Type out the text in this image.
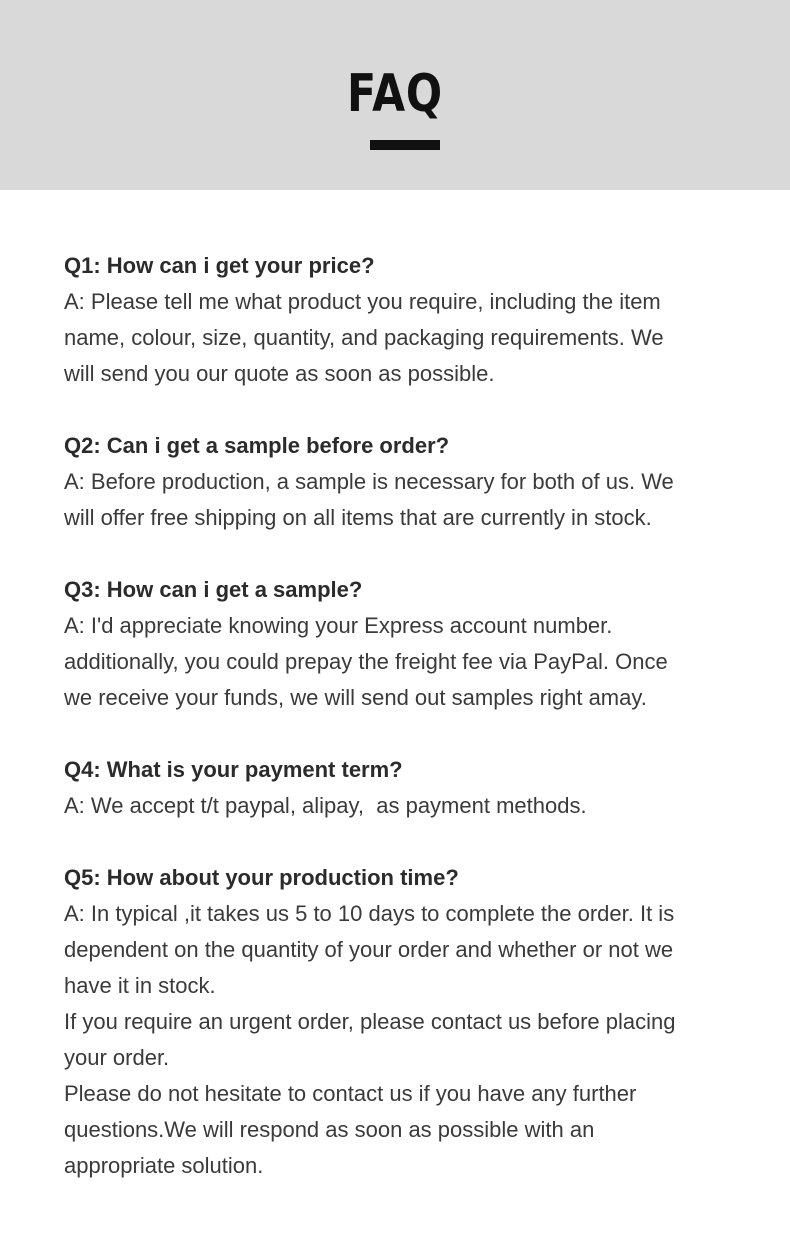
FAQ

Q1: How can i get your price?

A: Please tell me what product you require, including the item
name, colour, size, quantity, and packaging requirements. We
will send you our quote as soon as possible.

Q2: Can i get a sample before order?

A: Before production, a sample is necessary for both of us. We
will offer free shipping on all items that are currently in stock.

Q3: How can i get a sample?

A: I'd appreciate knowing your Express account number.
additionally, you could prepay the freight fee via PayPal. Once
we receive your funds, we will send out samples right amay.

Q4: What is your payment term?

A: We accept t/t paypal, alipay,  as payment methods.

Q5: How about your production time?

A: In typical ,it takes us 5 to 10 days to complete the order. It is
dependent on the quantity of your order and whether or not we
have it in stock.
If you require an urgent order, please contact us before placing
your order.
Please do not hesitate to contact us if you have any further
questions.We will respond as soon as possible with an
appropriate solution.
